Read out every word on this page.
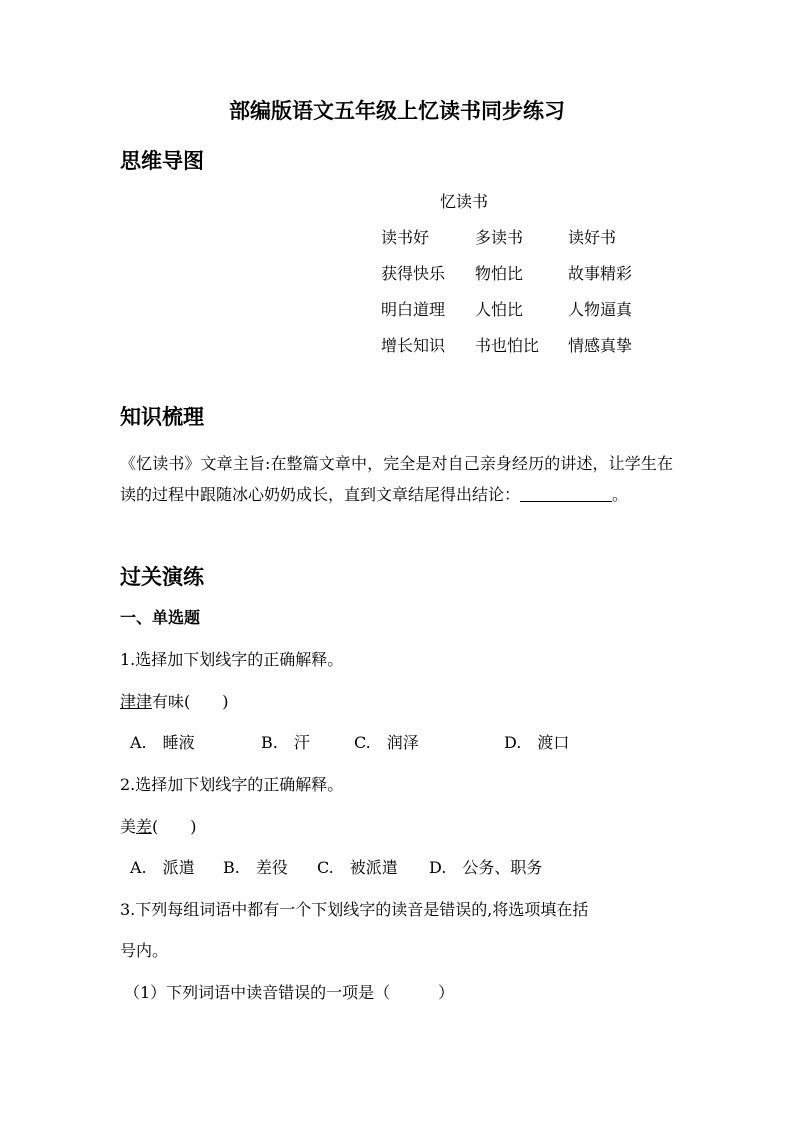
部编版语文五年级上忆读书同步练习
思维导图
忆读书
读书好	多读书	读好书
获得快乐	物怕比	故事精彩
明白道理	人怕比	人物逼真
增长知识	书也怕比	情感真挚
知识梳理
《忆读书》文章主旨:在整篇文章中，完全是对自己亲身经历的讲述，让学生在读的过程中跟随冰心奶奶成长，直到文章结尾得出结论：	。
过关演练
一、单选题
1.选择加下划线字的正确解释。
津津有味(　　)
A.　睡液	B.　汗	C.　润泽	D.　渡口
2.选择加下划线字的正确解释。
美差(　　)
A.　派遣 B.　差役 C.　被派遣 D.　公务、职务
3.下列每组词语中都有一个下划线字的读音是错误的,将选项填在括
号内。
（1）下列词语中读音错误的一项是（　　　）
